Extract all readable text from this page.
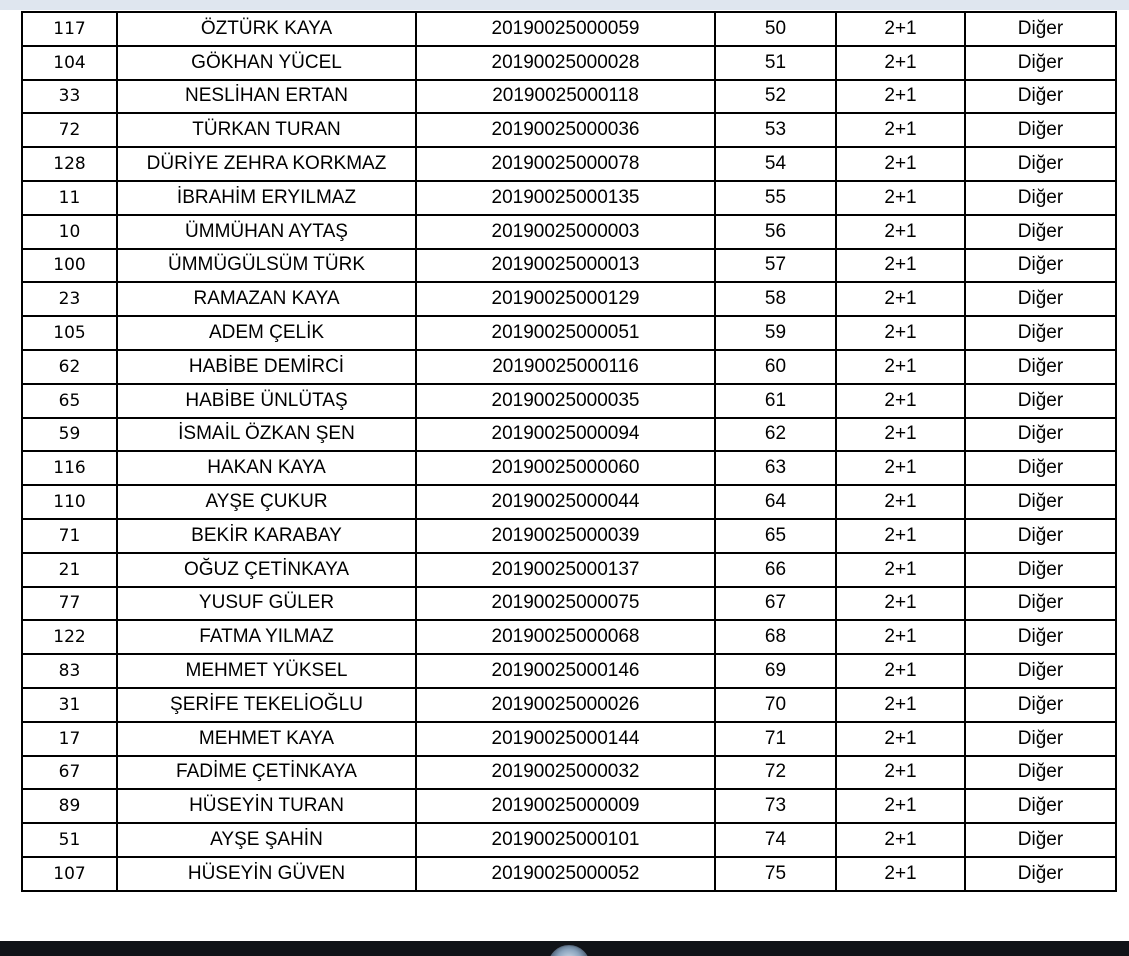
117	ÖZTÜRK KAYA	20190025000059	50	2+1	Diğer
104	GÖKHAN YÜCEL	20190025000028	51	2+1	Diğer
33	NESLİHAN ERTAN	20190025000118	52	2+1	Diğer
72	TÜRKAN TURAN	20190025000036	53	2+1	Diğer
128	DÜRİYE ZEHRA KORKMAZ	20190025000078	54	2+1	Diğer
11	İBRAHİM ERYILMAZ	20190025000135	55	2+1	Diğer
10	ÜMMÜHAN AYTAŞ	20190025000003	56	2+1	Diğer
100	ÜMMÜGÜLSÜM TÜRK	20190025000013	57	2+1	Diğer
23	RAMAZAN KAYA	20190025000129	58	2+1	Diğer
105	ADEM ÇELİK	20190025000051	59	2+1	Diğer
62	HABİBE DEMİRCİ	20190025000116	60	2+1	Diğer
65	HABİBE ÜNLÜTAŞ	20190025000035	61	2+1	Diğer
59	İSMAİL ÖZKAN ŞEN	20190025000094	62	2+1	Diğer
116	HAKAN KAYA	20190025000060	63	2+1	Diğer
110	AYŞE ÇUKUR	20190025000044	64	2+1	Diğer
71	BEKİR KARABAY	20190025000039	65	2+1	Diğer
21	OĞUZ ÇETİNKAYA	20190025000137	66	2+1	Diğer
77	YUSUF GÜLER	20190025000075	67	2+1	Diğer
122	FATMA YILMAZ	20190025000068	68	2+1	Diğer
83	MEHMET YÜKSEL	20190025000146	69	2+1	Diğer
31	ŞERİFE TEKELİOĞLU	20190025000026	70	2+1	Diğer
17	MEHMET KAYA	20190025000144	71	2+1	Diğer
67	FADİME ÇETİNKAYA	20190025000032	72	2+1	Diğer
89	HÜSEYİN TURAN	20190025000009	73	2+1	Diğer
51	AYŞE ŞAHİN	20190025000101	74	2+1	Diğer
107	HÜSEYİN GÜVEN	20190025000052	75	2+1	Diğer
